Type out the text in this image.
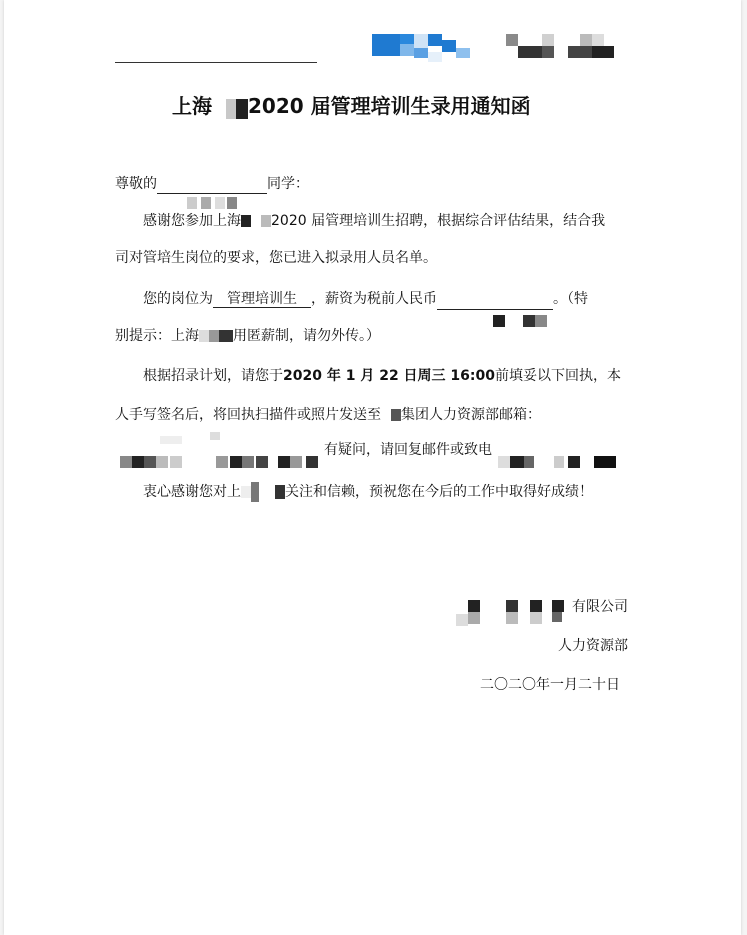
上海 2020 届管理培训生录用通知函
尊敬的	同学：
感谢您参加上海 2020 届管理培训生招聘，根据综合评估结果，结合我
司对管培生岗位的要求，您已进入拟录用人员名单。
您的岗位为 管理培训生 ，薪资为税前人民币	。（特
别提示：上海 用匿薪制，请勿外传。）
根据招录计划，请您于2020 年 1 月 22 日周三 16:00前填妥以下回执，本
人手写签名后，将回执扫描件或照片发送至 集团人力资源部邮箱：
有疑问，请回复邮件或致电
衷心感谢您对上	关注和信赖，预祝您在今后的工作中取得好成绩！
有限公司
人力资源部
二〇二〇年一月二十日
